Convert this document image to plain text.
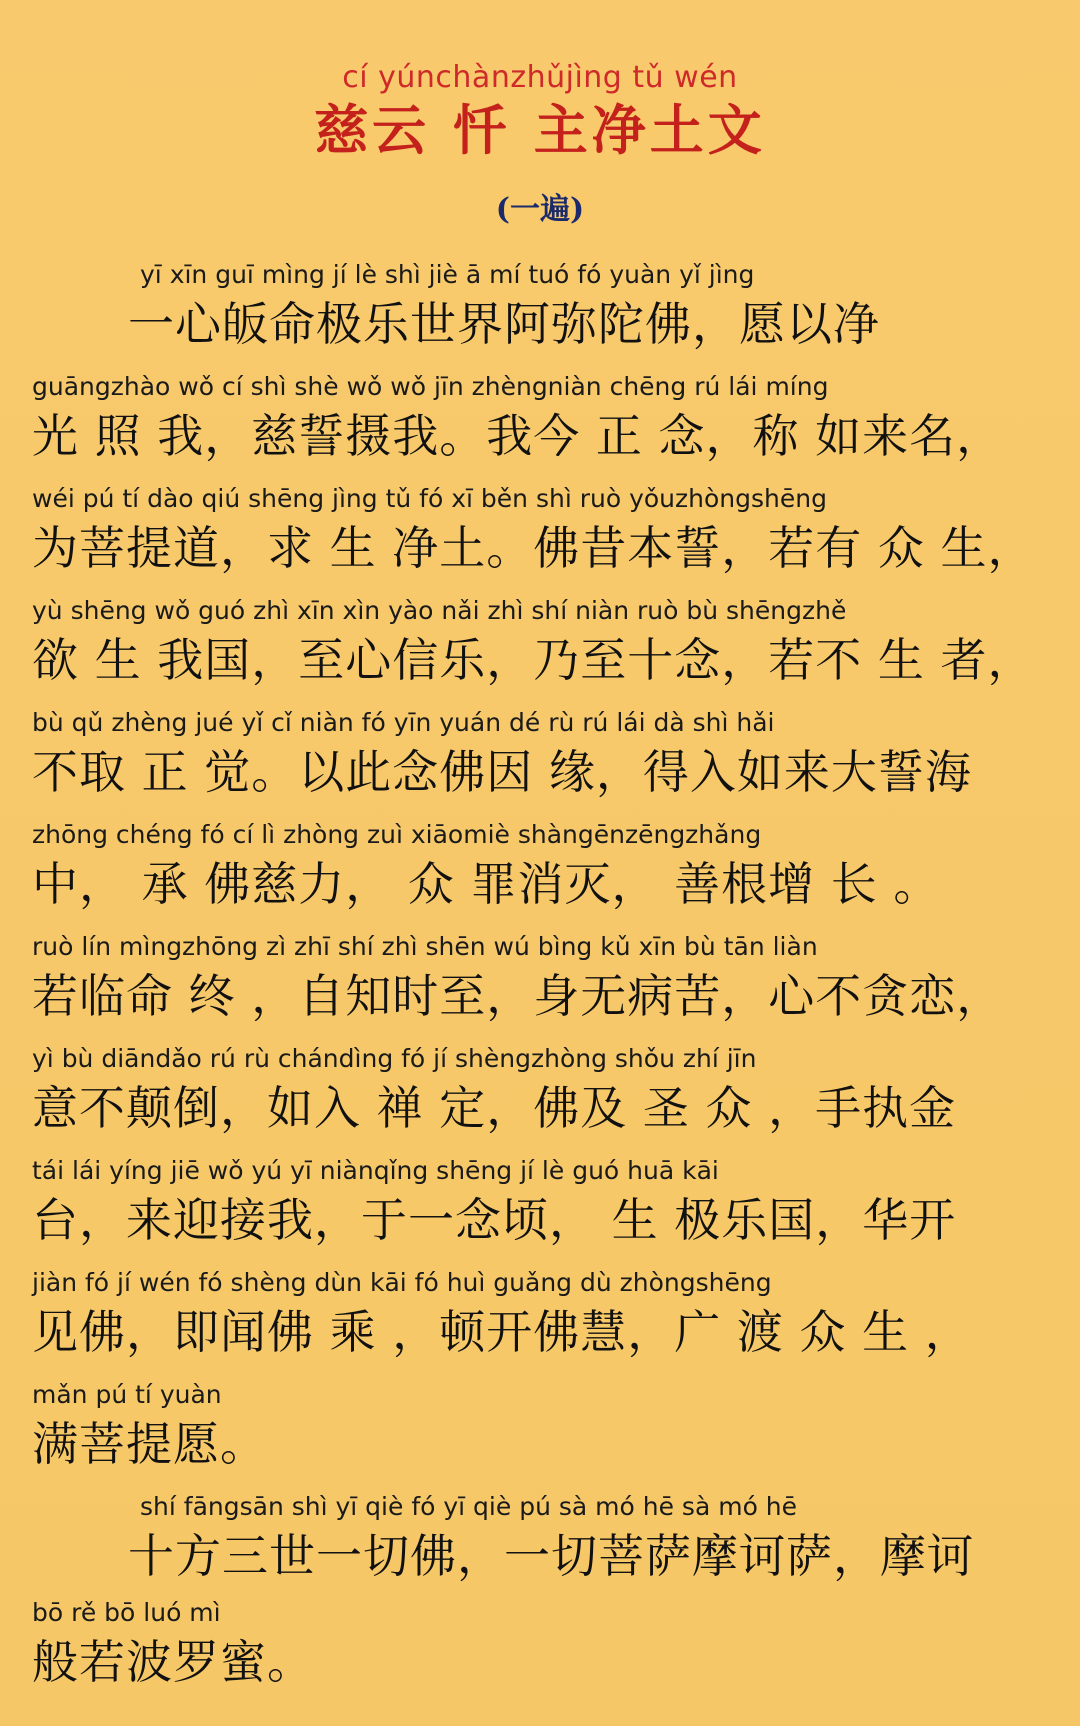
cí yúnchànzhǔjìng tǔ wén
慈云 忏 主净土文
(一遍)
yī xīn guī mìng jí lè shì jiè ā mí tuó fó yuàn yǐ jìng
一心皈命极乐世界阿弥陀佛，愿以净
guāngzhào wǒ cí shì shè wǒ wǒ jīn zhèngniàn chēng rú lái míng
光 照 我，慈誓摄我。我今 正 念，称 如来名，
wéi pú tí dào qiú shēng jìng tǔ fó xī běn shì ruò yǒuzhòngshēng
为菩提道，求 生 净土。佛昔本誓，若有 众 生，
yù shēng wǒ guó zhì xīn xìn yào nǎi zhì shí niàn ruò bù shēngzhě
欲 生 我国，至心信乐，乃至十念，若不 生 者，
bù qǔ zhèng jué yǐ cǐ niàn fó yīn yuán dé rù rú lái dà shì hǎi
不取 正 觉。以此念佛因 缘，得入如来大誓海
zhōng chéng fó cí lì zhòng zuì xiāomiè shàngēnzēngzhǎng
中， 承 佛慈力， 众 罪消灭， 善根增 长 。
ruò lín mìngzhōng zì zhī shí zhì shēn wú bìng kǔ xīn bù tān liàn
若临命 终 ，自知时至，身无病苦，心不贪恋，
yì bù diāndǎo rú rù chándìng fó jí shèngzhòng shǒu zhí jīn
意不颠倒，如入 禅 定，佛及 圣 众 ，手执金
tái lái yíng jiē wǒ yú yī niànqǐng shēng jí lè guó huā kāi
台，来迎接我，于一念顷， 生 极乐国，华开
jiàn fó jí wén fó shèng dùn kāi fó huì guǎng dù zhòngshēng
见佛，即闻佛 乘 ，顿开佛慧，广 渡 众 生 ，
mǎn pú tí yuàn
满菩提愿。
shí fāngsān shì yī qiè fó yī qiè pú sà mó hē sà mó hē
十方三世一切佛，一切菩萨摩诃萨，摩诃
bō rě bō luó mì
般若波罗蜜。
